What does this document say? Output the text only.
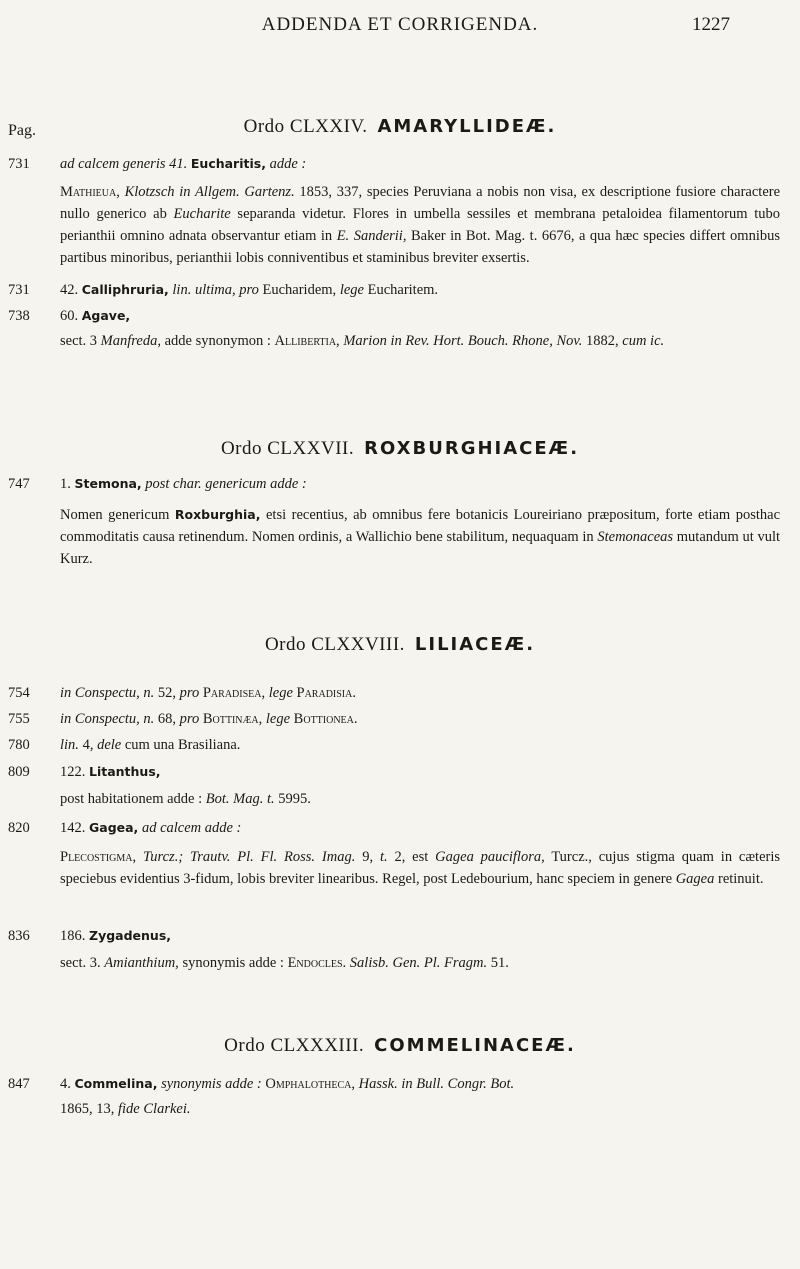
ADDENDA ET CORRIGENDA.	1227
Pag.	Ordo CLXXIV. AMARYLLIDEÆ.
731	ad calcem generis 41. Eucharitis, adde :
Mathieua, Klotzsch in Allgem. Gartenz. 1853, 337, species Peruviana a nobis non visa, ex descriptione fusiore charactere nullo generico ab Eucharite separanda videtur. Flores in umbella sessiles et membrana petaloidea filamentorum tubo perianthii omnino adnata observantur etiam in E. Sanderii, Baker in Bot. Mag. t. 6676, a qua hæc species differt omnibus partibus minoribus, perianthii lobis conniventibus et staminibus breviter exsertis.
731	42. Calliphruria, lin. ultima, pro Eucharidem, lege Eucharitem.
738	60. Agave,
sect. 3 Manfreda, adde synonymon : Allibertia, Marion in Rev. Hort. Bouch. Rhone, Nov. 1882, cum ic.
Ordo CLXXVII. ROXBURGHIACEÆ.
747	1. Stemona, post char. genericum adde :
Nomen genericum Roxburghia, etsi recentius, ab omnibus fere botanicis Loureiriano præpositum, forte etiam posthac commoditatis causa retinendum. Nomen ordinis, a Wallichio bene stabilitum, nequaquam in Stemonaceas mutandum ut vult Kurz.
Ordo CLXXVIII. LILIACEÆ.
754	in Conspectu, n. 52, pro Paradisea, lege Paradisia.
755	in Conspectu, n. 68, pro Bottinæa, lege Bottionea.
780	lin. 4, dele cum una Brasiliana.
809	122. Litanthus,
post habitationem adde : Bot. Mag. t. 5995.
820	142. Gagea, ad calcem adde :
Plecostigma, Turcz.; Trautv. Pl. Fl. Ross. Imag. 9, t. 2, est Gagea pauciflora, Turcz., cujus stigma quam in cæteris speciebus evidentius 3-fidum, lobis breviter linearibus. Regel, post Ledebourium, hanc speciem in genere Gagea retinuit.
836	186. Zygadenus,
sect. 3. Amianthium, synonymis adde : Endocles. Salisb. Gen. Pl. Fragm. 51.
Ordo CLXXXIII. COMMELINACEÆ.
847	4. Commelina, synonymis adde : Omphalotheca, Hassk. in Bull. Congr. Bot.
1865, 13, fide Clarkei.
